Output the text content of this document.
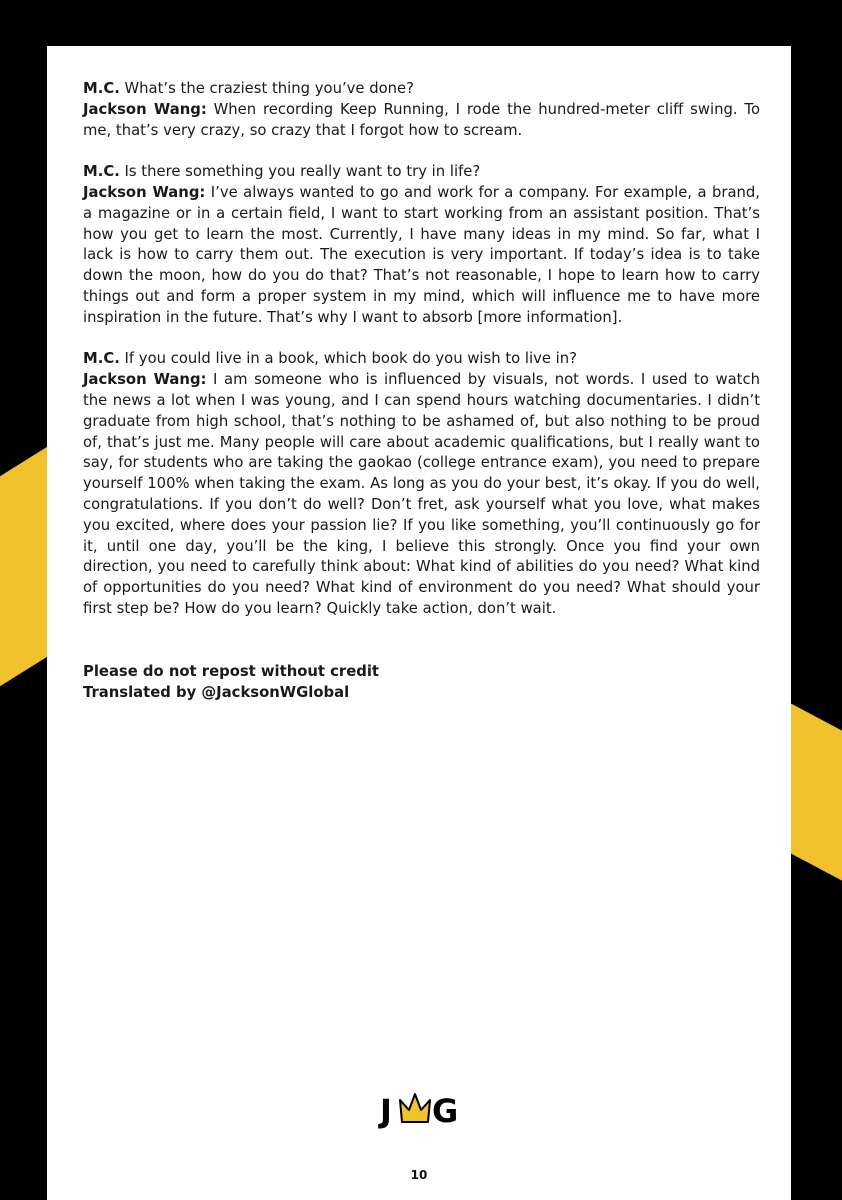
M.C. What’s the craziest thing you’ve done?

Jackson Wang: When recording Keep Running, I rode the hundred-meter cliff swing. To me, that’s very crazy, so crazy that I forgot how to scream.

M.C. Is there something you really want to try in life?

Jackson Wang: I’ve always wanted to go and work for a company. For example, a brand, a magazine or in a certain field, I want to start working from an assistant position. That’s how you get to learn the most. Currently, I have many ideas in my mind. So far, what I lack is how to carry them out. The execution is very important. If today’s idea is to take down the moon, how do you do that? That’s not reasonable, I hope to learn how to carry things out and form a proper system in my mind, which will influence me to have more inspiration in the future. That’s why I want to absorb [more information].

M.C. If you could live in a book, which book do you wish to live in?

Jackson Wang: I am someone who is influenced by visuals, not words. I used to watch the news a lot when I was young, and I can spend hours watching documentaries. I didn’t graduate from high school, that’s nothing to be ashamed of, but also nothing to be proud of, that’s just me. Many people will care about academic qualifications, but I really want to say, for students who are taking the gaokao (college entrance exam), you need to prepare yourself 100% when taking the exam. As long as you do your best, it’s okay. If you do well, congratulations. If you don’t do well? Don’t fret, ask yourself what you love, what makes you excited, where does your passion lie? If you like something, you’ll continuously go for it, until one day, you’ll be the king, I believe this strongly. Once you find your own direction, you need to carefully think about: What kind of abilities do you need? What kind of opportunities do you need? What kind of environment do you need? What should your first step be? How do you learn? Quickly take action, don’t wait.

Please do not repost without credit

Translated by @JacksonWGlobal

J G
10
